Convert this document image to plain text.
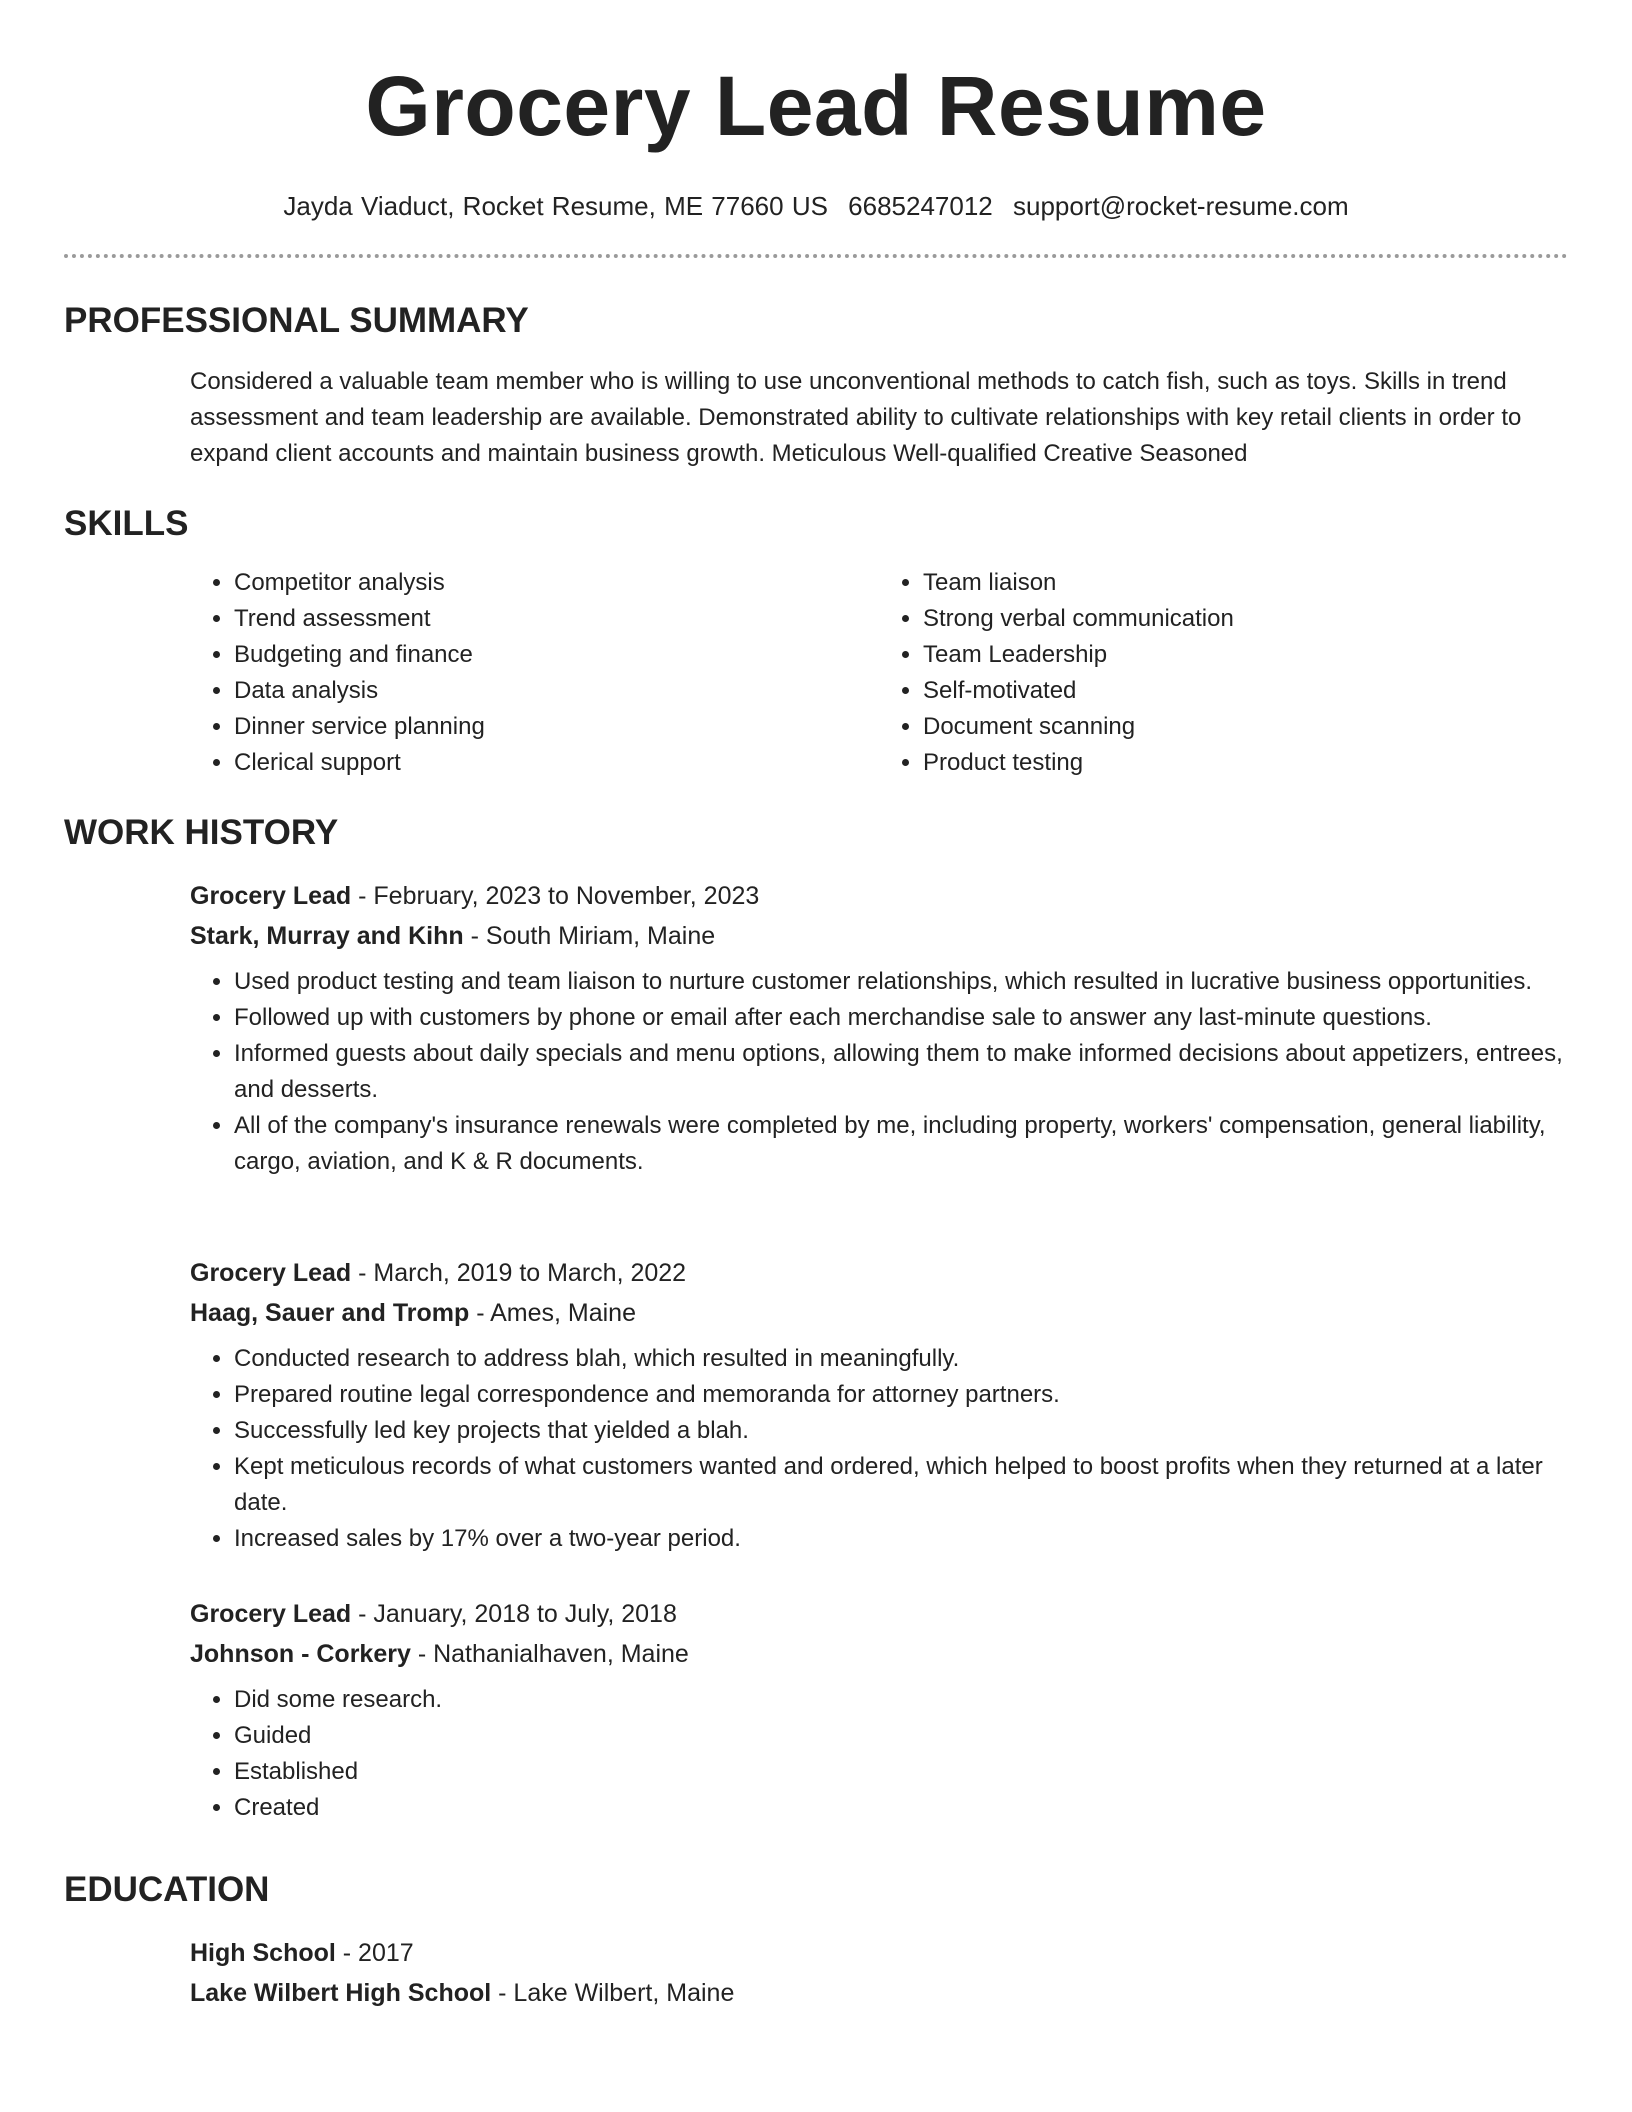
Grocery Lead Resume
Jayda Viaduct, Rocket Resume, ME 77660 US 6685247012 support@rocket-resume.com
PROFESSIONAL SUMMARY
Considered a valuable team member who is willing to use unconventional methods to catch fish, such as toys. Skills in trend assessment and team leadership are available. Demonstrated ability to cultivate relationships with key retail clients in order to expand client accounts and maintain business growth. Meticulous Well-qualified Creative Seasoned
SKILLS
• Competitor analysis
• Trend assessment
• Budgeting and finance
• Data analysis
• Dinner service planning
• Clerical support
• Team liaison
• Strong verbal communication
• Team Leadership
• Self-motivated
• Document scanning
• Product testing
WORK HISTORY
Grocery Lead - February, 2023 to November, 2023
Stark, Murray and Kihn - South Miriam, Maine
• Used product testing and team liaison to nurture customer relationships, which resulted in lucrative business opportunities.
• Followed up with customers by phone or email after each merchandise sale to answer any last-minute questions.
• Informed guests about daily specials and menu options, allowing them to make informed decisions about appetizers, entrees, and desserts.
• All of the company's insurance renewals were completed by me, including property, workers' compensation, general liability, cargo, aviation, and K & R documents.
Grocery Lead - March, 2019 to March, 2022
Haag, Sauer and Tromp - Ames, Maine
• Conducted research to address blah, which resulted in meaningfully.
• Prepared routine legal correspondence and memoranda for attorney partners.
• Successfully led key projects that yielded a blah.
• Kept meticulous records of what customers wanted and ordered, which helped to boost profits when they returned at a later date.
• Increased sales by 17% over a two-year period.
Grocery Lead - January, 2018 to July, 2018
Johnson - Corkery - Nathanialhaven, Maine
• Did some research.
• Guided
• Established
• Created
EDUCATION
High School - 2017
Lake Wilbert High School - Lake Wilbert, Maine
